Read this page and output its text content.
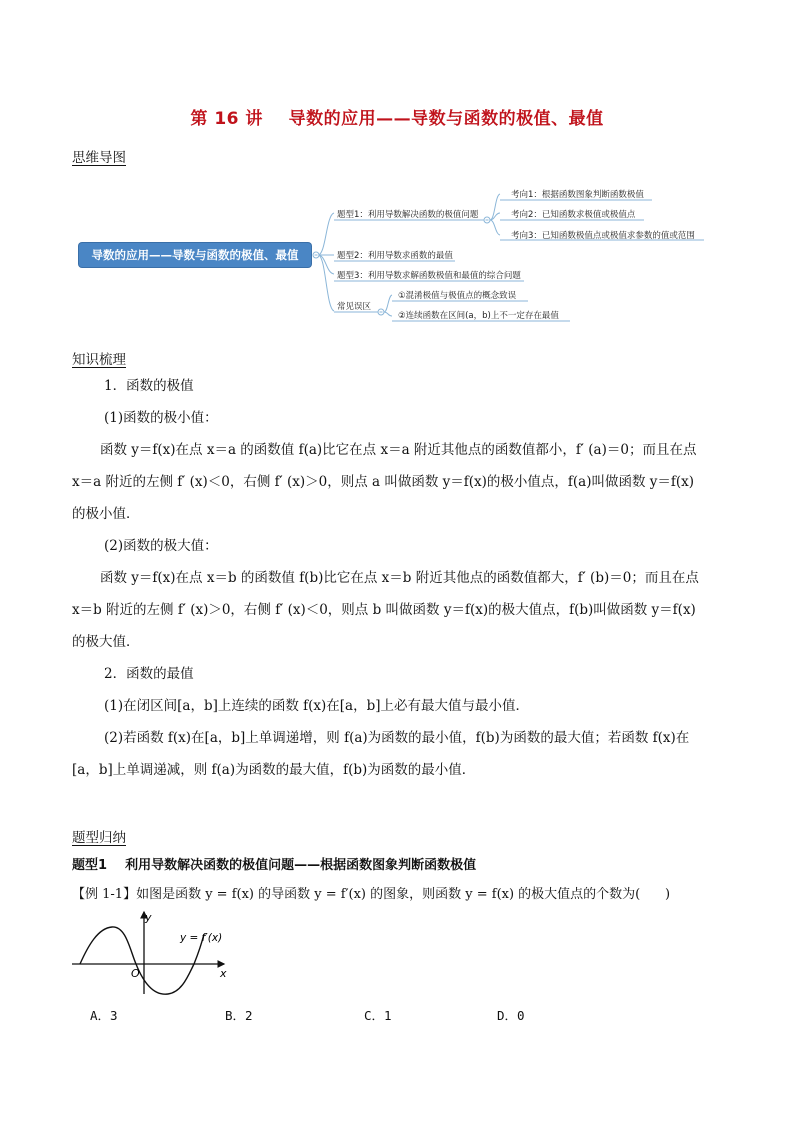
第 16 讲    导数的应用——导数与函数的极值、最值
思维导图
导数的应用——导数与函数的极值、最值
题型1：利用导数解决函数的极值问题
题型2：利用导数求函数的最值
题型3：利用导数求解函数极值和最值的综合问题
常见误区
考向1：根据函数图象判断函数极值
考向2：已知函数求极值或极值点
考向3：已知函数极值点或极值求参数的值或范围
①混淆极值与极值点的概念致误
②连续函数在区间(a，b)上不一定存在最值
知识梳理
1．函数的极值
(1)函数的极小值：
函数 y＝f(x)在点 x＝a 的函数值 f(a)比它在点 x＝a 附近其他点的函数值都小，f′ (a)＝0；而且在点
x＝a 附近的左侧 f′ (x)＜0，右侧 f′ (x)＞0，则点 a 叫做函数 y＝f(x)的极小值点，f(a)叫做函数 y＝f(x)
的极小值．
(2)函数的极大值：
函数 y＝f(x)在点 x＝b 的函数值 f(b)比它在点 x＝b 附近其他点的函数值都大，f′ (b)＝0；而且在点
x＝b 附近的左侧 f′ (x)＞0，右侧 f′ (x)＜0，则点 b 叫做函数 y＝f(x)的极大值点，f(b)叫做函数 y＝f(x)
的极大值．
2．函数的最值
(1)在闭区间[a，b]上连续的函数 f(x)在[a，b]上必有最大值与最小值．
(2)若函数 f(x)在[a，b]上单调递增，则 f(a)为函数的最小值，f(b)为函数的最大值；若函数 f(x)在
[a，b]上单调递减，则 f(a)为函数的最大值，f(b)为函数的最小值．
题型归纳
题型1    利用导数解决函数的极值问题——根据函数图象判断函数极值
【例 1-1】如图是函数 y = f(x) 的导函数 y = f′(x) 的图象，则函数 y = f(x) 的极大值点的个数为(      )
y
x
O
y = f′(x)
A．3	B．2	C．1	D．0
